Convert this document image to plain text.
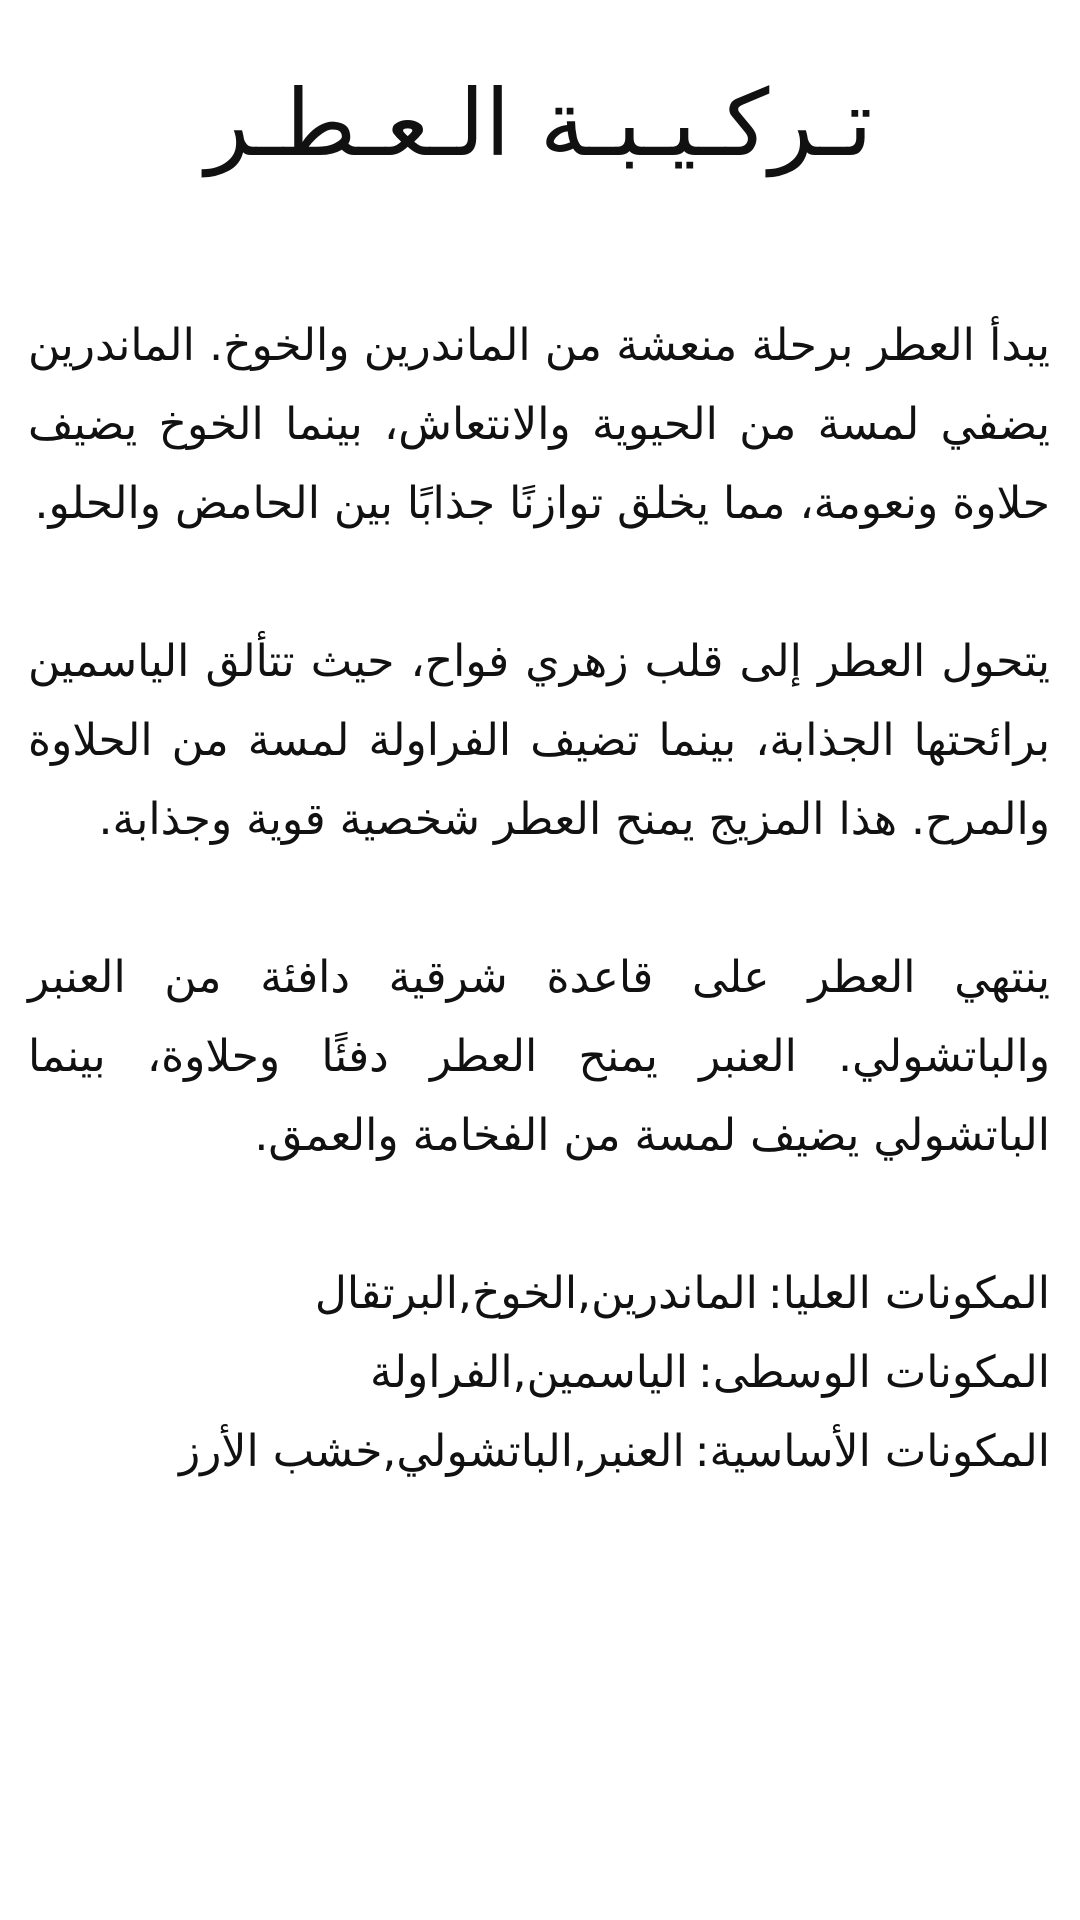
تـركـيـبـة الـعـطـر

يبدأ العطر برحلة منعشة من الماندرين والخوخ. الماندرين يضفي لمسة من الحيوية والانتعاش، بينما الخوخ يضيف حلاوة ونعومة، مما يخلق توازنًا جذابًا بين الحامض والحلو.

يتحول العطر إلى قلب زهري فواح، حيث تتألق الياسمين برائحتها الجذابة، بينما تضيف الفراولة لمسة من الحلاوة والمرح. هذا المزيج يمنح العطر شخصية قوية وجذابة.

ينتهي العطر على قاعدة شرقية دافئة من العنبر والباتشولي. العنبر يمنح العطر دفئًا وحلاوة، بينما الباتشولي يضيف لمسة من الفخامة والعمق.

المكونات العليا:الماندرين,الخوخ,البرتقال
المكونات الوسطى:الياسمين,الفراولة
المكونات الأساسية:العنبر,الباتشولي,خشب الأرز
